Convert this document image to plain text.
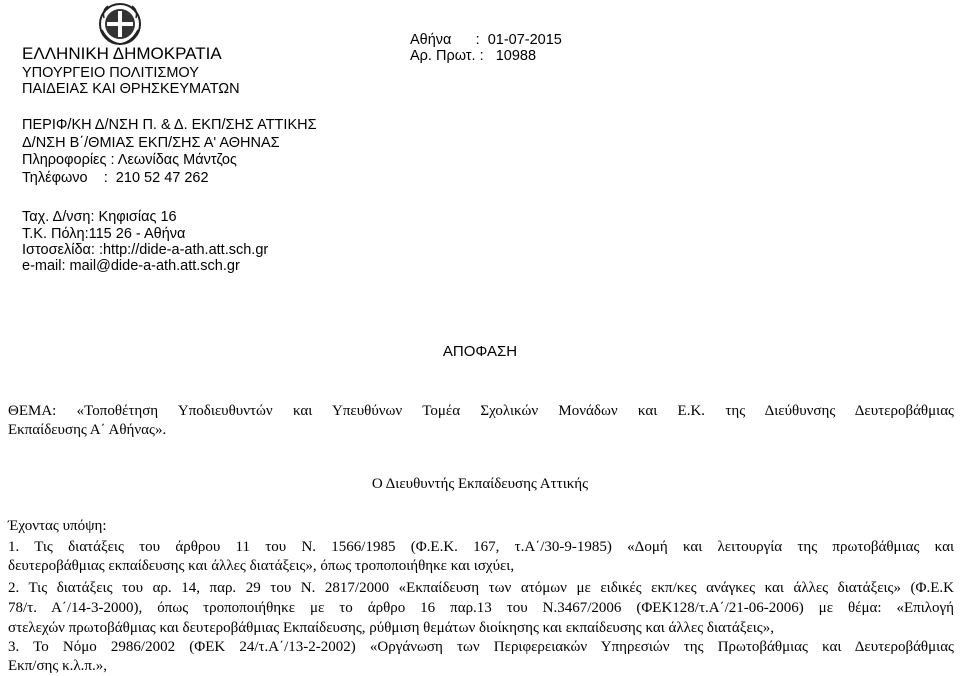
ΕΛΛΗΝΙΚΗ ΔΗΜΟΚΡΑΤΙΑ
ΥΠΟΥΡΓΕΙΟ ΠΟΛΙΤΙΣΜΟΥ
ΠΑΙΔΕΙΑΣ ΚΑΙ ΘΡΗΣΚΕΥΜΑΤΩΝ
ΠΕΡΙΦ/ΚΗ Δ/ΝΣΗ Π. & Δ. ΕΚΠ/ΣΗΣ ΑΤΤΙΚΗΣ
Δ/ΝΣΗ Β΄/ΘΜΙΑΣ ΕΚΠ/ΣΗΣ Α' ΑΘΗΝΑΣ
Πληροφορίες : Λεωνίδας Μάντζος
Τηλέφωνο    :  210 52 47 262
Ταχ. Δ/νση: Κηφισίας 16
Τ.Κ. Πόλη:115 26 - Αθήνα
Ιστοσελίδα: :http://dide-a-ath.att.sch.gr
e-mail: mail@dide-a-ath.att.sch.gr
Αθήνα      :  01-07-2015
Αρ. Πρωτ. :   10988
ΑΠΟΦΑΣΗ
ΘΕΜΑ: «Τοποθέτηση Υποδιευθυντών και Υπευθύνων Τομέα Σχολικών Μονάδων και Ε.Κ. της Διεύθυνσης Δευτεροβάθμιας
Εκπαίδευσης Α΄ Αθήνας».
Ο Διευθυντής Εκπαίδευσης Αττικής
Έχοντας υπόψη:
1. Τις διατάξεις του άρθρου 11 του Ν. 1566/1985 (Φ.Ε.Κ. 167, τ.Α΄/30-9-1985) «Δομή και λειτουργία της πρωτοβάθμιας και
δευτεροβάθμιας εκπαίδευσης και άλλες διατάξεις», όπως τροποποιήθηκε και ισχύει,
2. Τις διατάξεις του αρ. 14, παρ. 29 του Ν. 2817/2000 «Εκπαίδευση των ατόμων με ειδικές εκπ/κες ανάγκες και άλλες διατάξεις» (Φ.Ε.Κ
78/τ. Α΄/14-3-2000), όπως τροποποιήθηκε με το άρθρο 16 παρ.13 του Ν.3467/2006 (ΦΕΚ128/τ.Α΄/21-06-2006) με θέμα: «Επιλογή
στελεχών πρωτοβάθμιας και δευτεροβάθμιας Εκπαίδευσης, ρύθμιση θεμάτων διοίκησης και εκπαίδευσης και άλλες διατάξεις»,
3. Το Νόμο 2986/2002 (ΦΕΚ 24/τ.Α΄/13-2-2002) «Οργάνωση των Περιφερειακών Υπηρεσιών της Πρωτοβάθμιας και Δευτεροβάθμιας
Εκπ/σης κ.λ.π.»,
